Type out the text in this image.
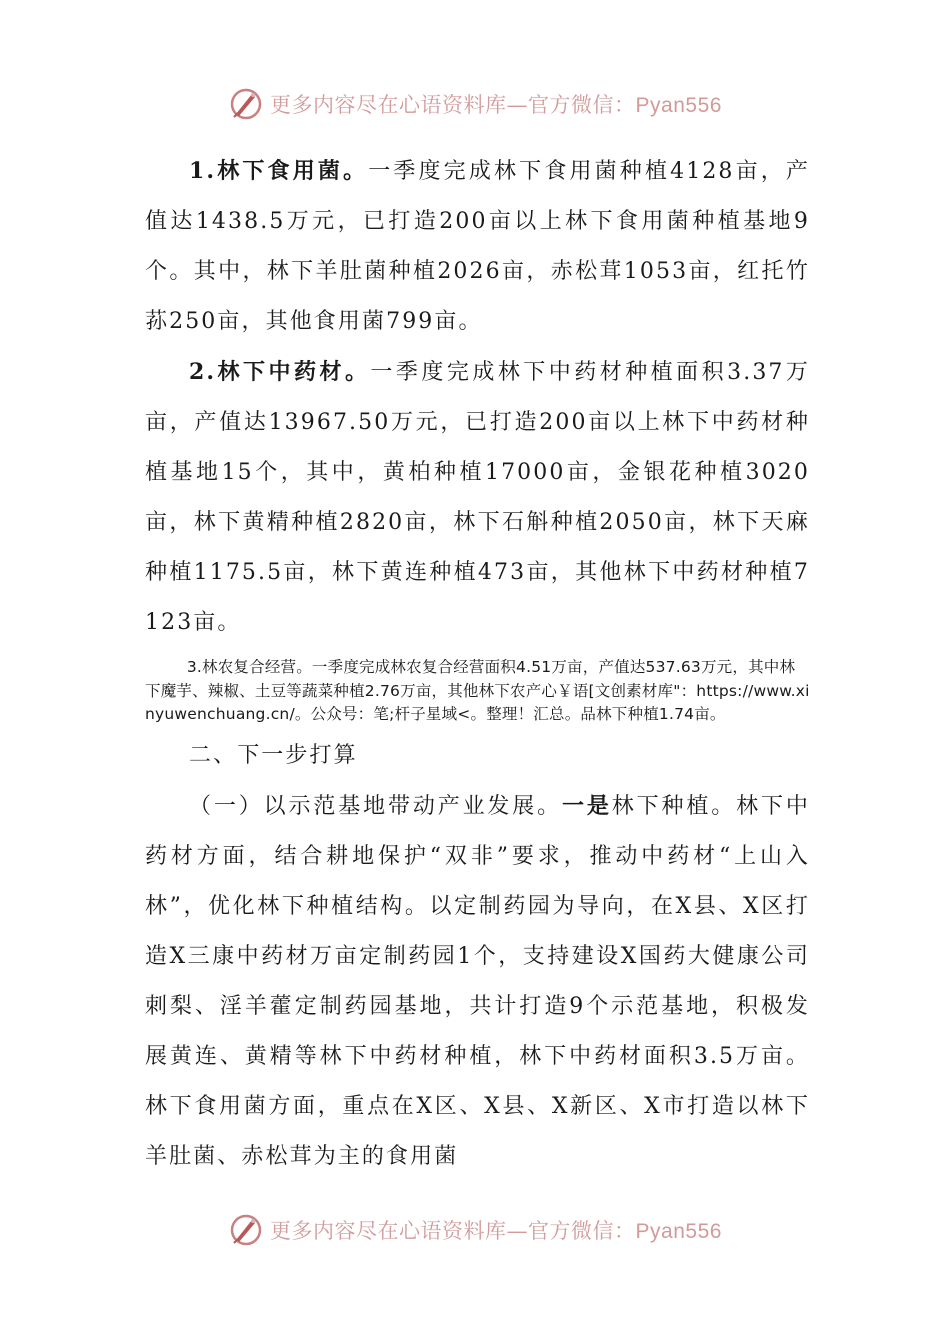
更多内容尽在心语资料库—官方微信：Pyan556

1.林下食用菌。一季度完成林下食用菌种植4128亩，产值达1438.5万元，已打造200亩以上林下食用菌种植基地9个。其中，林下羊肚菌种植2026亩，赤松茸1053亩，红托竹荪250亩，其他食用菌799亩。

2.林下中药材。一季度完成林下中药材种植面积3.37万亩，产值达13967.50万元，已打造200亩以上林下中药材种植基地15个，其中，黄柏种植17000亩，金银花种植3020亩，林下黄精种植2820亩，林下石斛种植2050亩，林下天麻种植1175.5亩，林下黄连种植473亩，其他林下中药材种植7123亩。

3.林农复合经营。一季度完成林农复合经营面积4.51万亩，产值达537.63万元，其中林下魔芋、辣椒、土豆等蔬菜种植2.76万亩，其他林下农产心￥语[文创素材库"：https://www.xinyuwenchuang.cn/。公众号：笔;杆子星域<。整理！汇总。品林下种植1.74亩。

二、下一步打算

（一）以示范基地带动产业发展。一是林下种植。林下中药材方面，结合耕地保护“双非”要求，推动中药材“上山入林”，优化林下种植结构。以定制药园为导向，在X县、X区打造X三康中药材万亩定制药园1个，支持建设X国药大健康公司刺梨、淫羊藿定制药园基地，共计打造9个示范基地，积极发展黄连、黄精等林下中药材种植，林下中药材面积3.5万亩。林下食用菌方面，重点在X区、X县、X新区、X市打造以林下羊肚菌、赤松茸为主的食用菌

更多内容尽在心语资料库—官方微信：Pyan556
